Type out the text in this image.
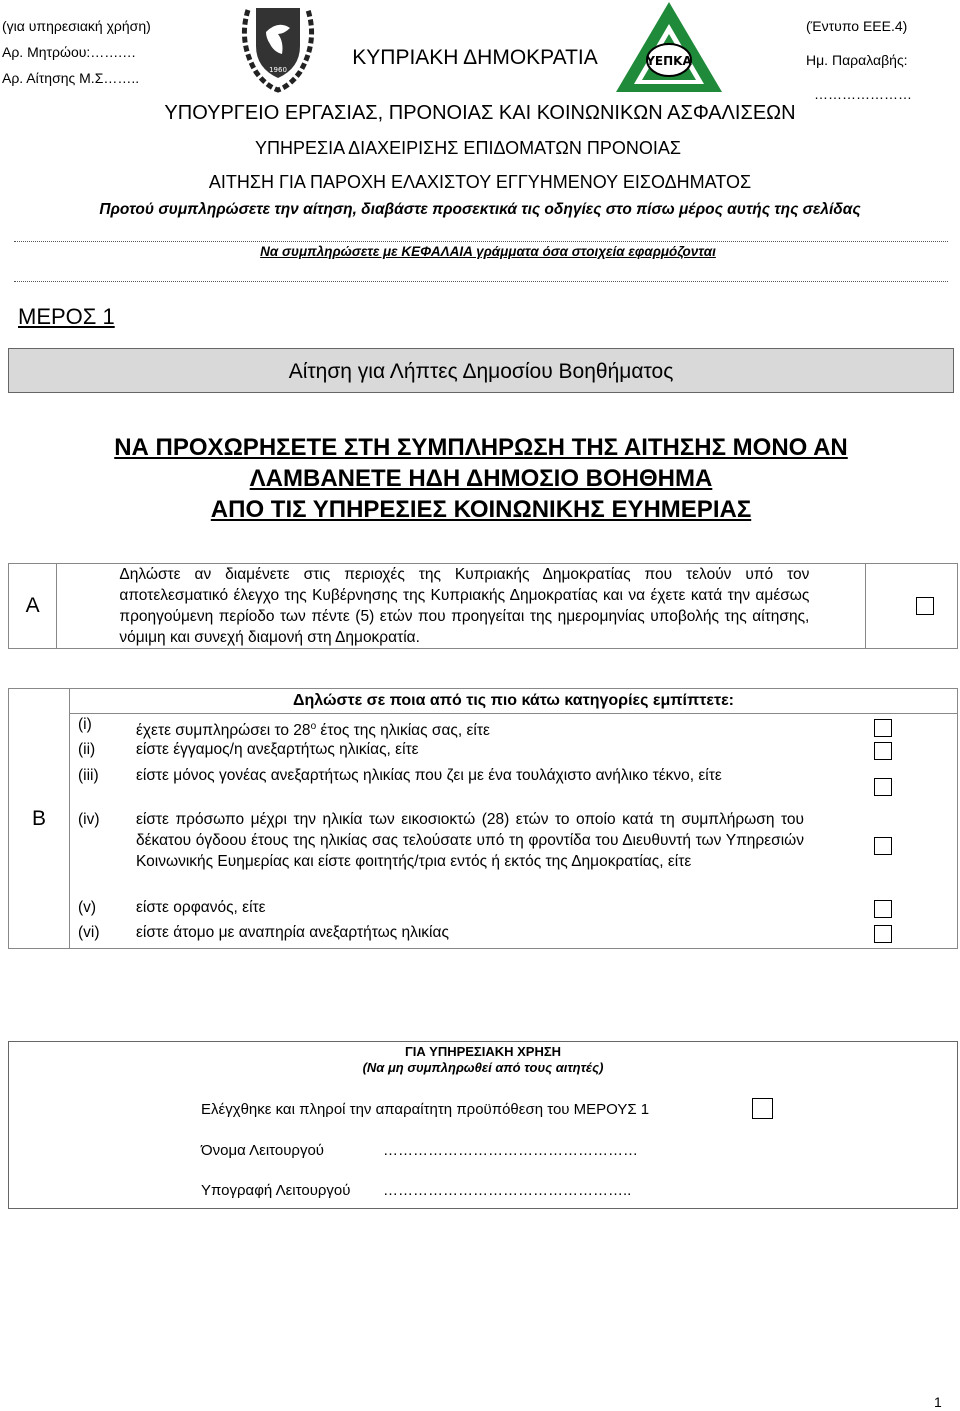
(για υπηρεσιακή χρήση)
Αρ. Μητρώου:…….…
Αρ. Αίτησης Μ.Σ……..	1960
ΚΥΠΡΙΑΚΗ ΔΗΜΟΚΡΑΤΙΑ	ΥΕΠΚΑ
(Έντυπο ΕΕΕ.4)
Ημ. Παραλαβής:
…………………
ΥΠΟΥΡΓΕΙΟ ΕΡΓΑΣΙΑΣ, ΠΡΟΝΟΙΑΣ ΚΑΙ ΚΟΙΝΩΝΙΚΩΝ ΑΣΦΑΛΙΣΕΩΝ
ΥΠΗΡΕΣΙΑ ΔΙΑΧΕΙΡΙΣΗΣ ΕΠΙΔΟΜΑΤΩΝ ΠΡΟΝΟΙΑΣ
ΑΙΤΗΣΗ ΓΙΑ ΠΑΡΟΧΗ ΕΛΑΧΙΣΤΟΥ ΕΓΓΥΗΜΕΝΟΥ ΕΙΣΟΔΗΜΑΤΟΣ
Προτού συμπληρώσετε την αίτηση, διαβάστε προσεκτικά τις οδηγίες στο πίσω μέρος αυτής της σελίδας
Να συμπληρώσετε με ΚΕΦΑΛΑΙΑ γράμματα όσα στοιχεία εφαρμόζονται
ΜΕΡΟΣ 1
Αίτηση για Λήπτες Δημοσίου Βοηθήματος
ΝΑ ΠΡΟΧΩΡΗΣΕΤΕ ΣΤΗ ΣΥΜΠΛΗΡΩΣΗ ΤΗΣ ΑΙΤΗΣΗΣ ΜΟΝΟ ΑΝ
ΛΑΜΒΑΝΕΤΕ ΗΔΗ ΔΗΜΟΣΙΟ ΒΟΗΘΗΜΑ
ΑΠΟ ΤΙΣ ΥΠΗΡΕΣΙΕΣ ΚΟΙΝΩΝΙΚΗΣ ΕΥΗΜΕΡΙΑΣ
Α	
Δηλώστε αν διαμένετε στις περιοχές της Κυπριακής Δημοκρατίας που τελούν υπό τον αποτελεσματικό έλεγχο της Κυβέρνησης της Κυπριακής Δημοκρατίας και να έχετε κατά την αμέσως προηγούμενη περίοδο των πέντε (5) ετών που προηγείται της ημερομηνίας υποβολής της αίτησης, νόμιμη και συνεχή διαμονή στη Δημοκρατία.

Β	Δηλώστε σε ποια από τις πιο κάτω κατηγορίες εμπίπτετε:

(i)	έχετε συμπληρώσει το $28^o$ έτος της ηλικίας σας, είτε
(ii)	είστε έγγαμος/η ανεξαρτήτως ηλικίας, είτε
(iii)	είστε μόνος γονέας ανεξαρτήτως ηλικίας που ζει με ένα τουλάχιστο ανήλικο τέκνο, είτε
(iv)	είστε πρόσωπο μέχρι την ηλικία των εικοσιοκτώ (28) ετών το οποίο κατά τη συμπλήρωση του δέκατου όγδοου έτους της ηλικίας σας τελούσατε υπό τη φροντίδα του Διευθυντή των Υπηρεσιών Κοινωνικής Ευημερίας και είστε φοιτητής/τρια εντός ή εκτός της Δημοκρατίας, είτε
(v)	είστε ορφανός, είτε
(vi)	είστε άτομο με αναπηρία ανεξαρτήτως ηλικίας
ΓΙΑ ΥΠΗΡΕΣΙΑΚΗ ΧΡΗΣΗ
(Να μη συμπληρωθεί από τους αιτητές)
Ελέγχθηκε και πληροί την απαραίτητη προϋπόθεση του ΜΕΡΟΥΣ 1
Όνομα Λειτουργού	……………………………………………
Υπογραφή Λειτουργού …………………………………………..
1
